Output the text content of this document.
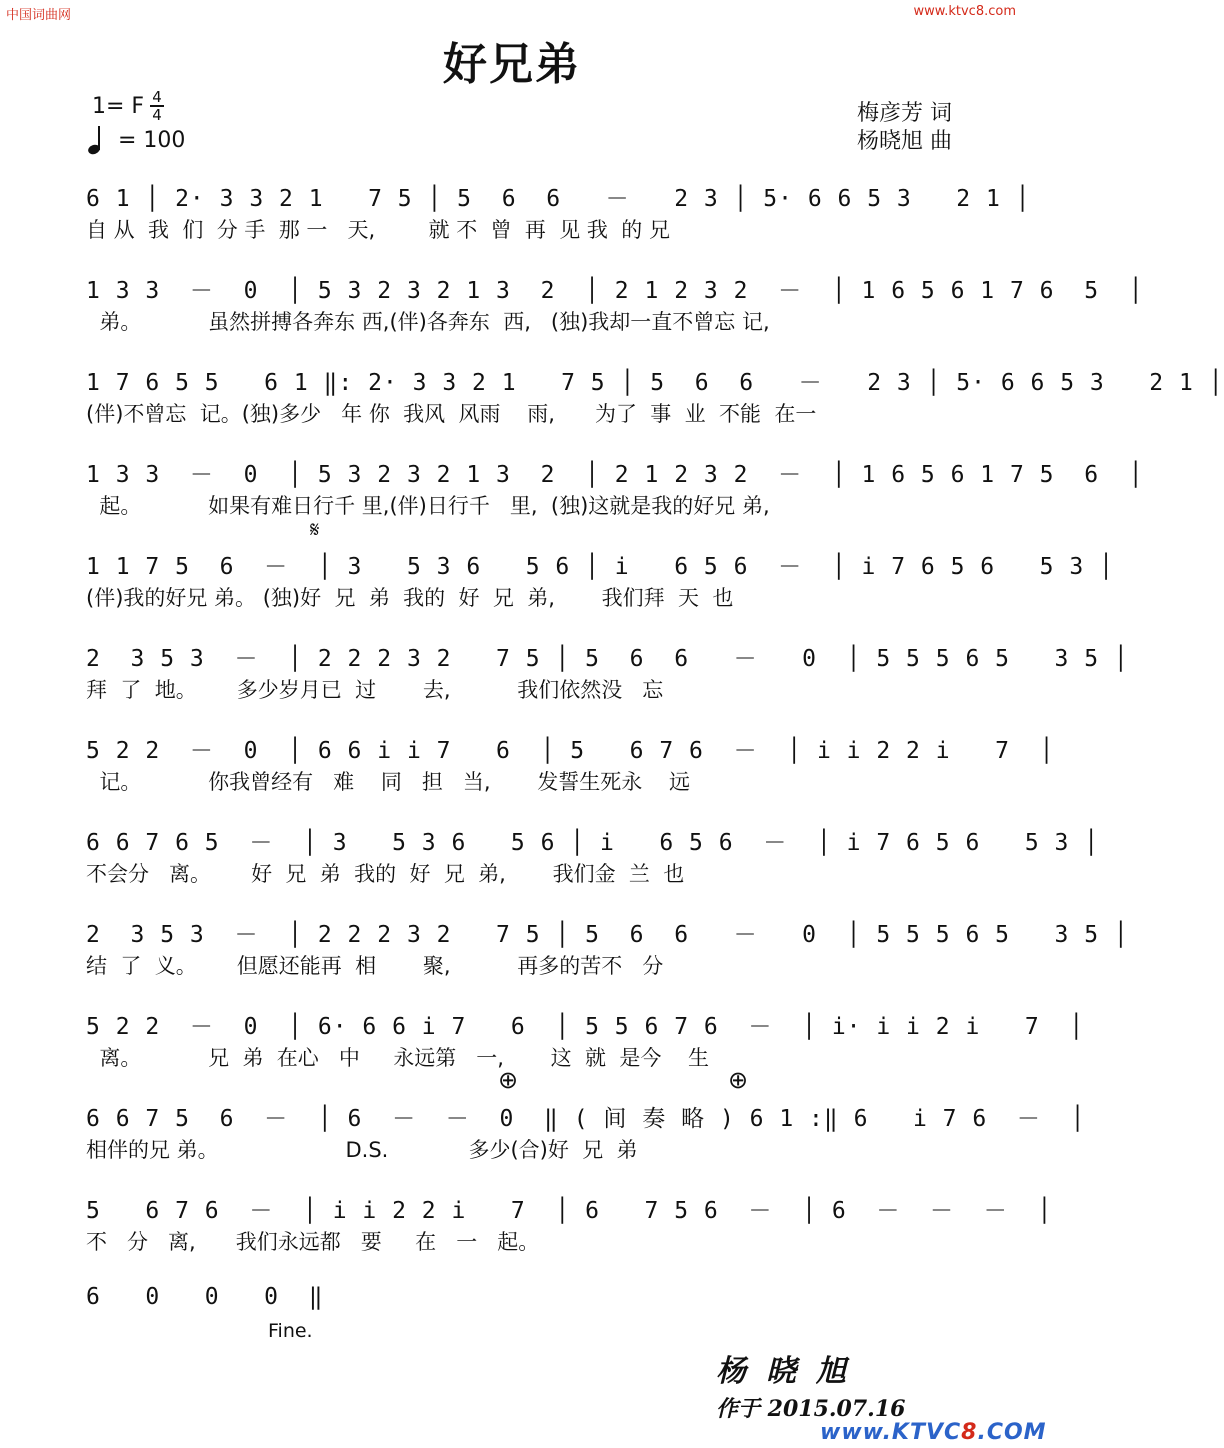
中国词曲网	www.ktvc8.com
好兄弟
1= F 4
4
= 100
梅彦芳 词
杨晓旭 曲
6 1 │ 2· 3 3 2 1   7 5 │ 5  6  6   －   2 3 │ 5· 6 6 5 3   2 1 │
自 从  我  们  分 手  那 一   天,        就 不  曾  再  见 我  的 兄
1 3 3  －  0  │ 5 3 2 3 2 1 3  2  │ 2 1 2 3 2  －  │ 1 6 5 6 1 7 6  5  │
弟。          虽然拼搏各奔东 西,(伴)各奔东  西,   (独)我却一直不曾忘 记,
1 7 6 5 5   6 1 ‖: 2· 3 3 2 1   7 5 │ 5  6  6   －   2 3 │ 5· 6 6 5 3   2 1 │
(伴)不曾忘  记。(独)多少   年 你  我风  风雨    雨,      为了  事  业  不能  在一
1 3 3  －  0  │ 5 3 2 3 2 1 3  2  │ 2 1 2 3 2  －  │ 1 6 5 6 1 7 5  6  │
起。          如果有难日行千 里,(伴)日行千   里,  (独)这就是我的好兄 弟,
𝄋
1 1 7 5  6  －  │ 3   5 3 6   5 6 │ i   6 5 6  －  │ i 7 6 5 6   5 3 │
(伴)我的好兄 弟。 (独)好  兄  弟  我的  好  兄  弟,       我们拜  天  也
2  3 5 3  －  │ 2 2 2 3 2   7 5 │ 5  6  6   －   0  │ 5 5 5 6 5   3 5 │
拜  了  地。      多少岁月已  过       去,          我们依然没   忘
5 2 2  －  0  │ 6 6 i i 7   6  │ 5   6 7 6  －  │ i i 2 2 i   7  │
记。          你我曾经有   难    同   担   当,       发誓生死永    远
6 6 7 6 5  －  │ 3   5 3 6   5 6 │ i   6 5 6  －  │ i 7 6 5 6   5 3 │
不会分   离。      好  兄  弟  我的  好  兄  弟,       我们金  兰  也
2  3 5 3  －  │ 2 2 2 3 2   7 5 │ 5  6  6   －   0  │ 5 5 5 6 5   3 5 │
结  了  义。      但愿还能再  相       聚,          再多的苦不   分
5 2 2  －  0  │ 6· 6 6 i 7   6  │ 5 5 6 7 6  －  │ i· i i 2 i   7  │
离。          兄  弟  在心   中     永远第   一,       这  就  是今    生
⊕	⊕
6 6 7 5  6  －  │ 6  －  －  0  ‖ ( 间 奏 略 ) 6 1 :‖ 6   i 7 6  －  │
相伴的兄 弟。                   D.S.            多少(合)好  兄  弟
5   6 7 6  －  │ i i 2 2 i   7  │ 6   7 5 6  －  │ 6  －  －  －  │
不   分   离,      我们永远都   要     在   一   起。
6   0   0   0  ‖
Fine.
杨晓旭
作于 2015.07.16
www.KTVC8.COM
